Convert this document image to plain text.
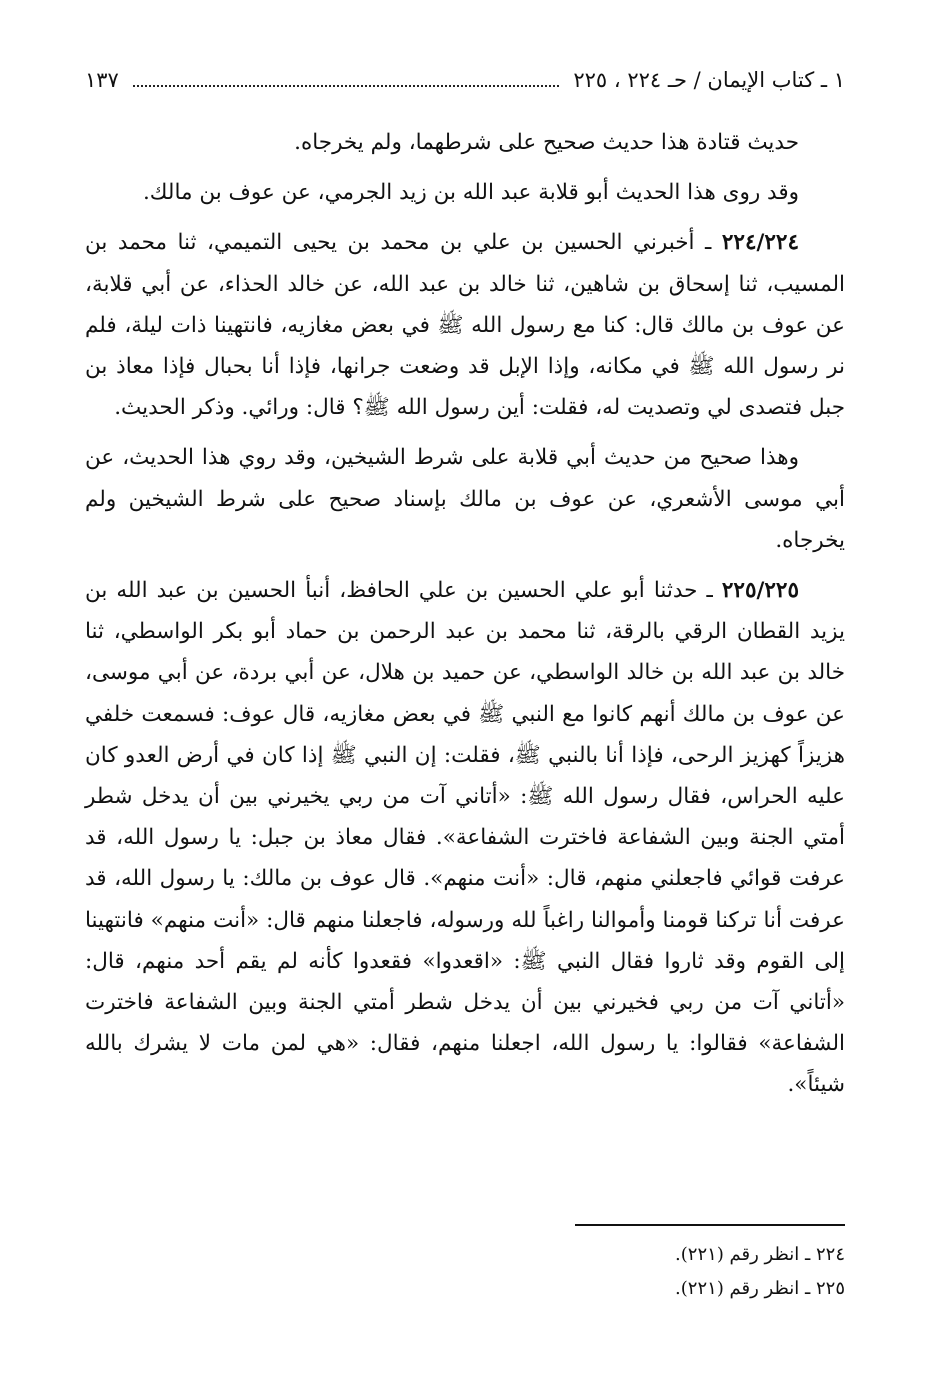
١ ـ كتاب الإيمان / حـ ٢٢٤ ، ٢٢٥
١٣٧

حديث قتادة هذا حديث صحيح على شرطهما، ولم يخرجاه.

وقد روى هذا الحديث أبو قلابة عبد الله بن زيد الجرمي، عن عوف بن مالك.

٢٢٤/٢٢٤ ـ أخبرني الحسين بن علي بن محمد بن يحيى التميمي، ثنا محمد بن المسيب، ثنا إسحاق بن شاهين، ثنا خالد بن عبد الله، عن خالد الحذاء، عن أبي قلابة، عن عوف بن مالك قال: كنا مع رسول الله ﷺ في بعض مغازيه، فانتهينا ذات ليلة، فلم نر رسول الله ﷺ في مكانه، وإذا الإبل قد وضعت جرانها، فإذا أنا بحبال فإذا معاذ بن جبل فتصدى لي وتصديت له، فقلت: أين رسول الله ﷺ؟ قال: ورائي. وذكر الحديث.

وهذا صحيح من حديث أبي قلابة على شرط الشيخين، وقد روي هذا الحديث، عن أبي موسى الأشعري، عن عوف بن مالك بإسناد صحيح على شرط الشيخين ولم يخرجاه.

٢٢٥/٢٢٥ ـ حدثنا أبو علي الحسين بن علي الحافظ، أنبأ الحسين بن عبد الله بن يزيد القطان الرقي بالرقة، ثنا محمد بن عبد الرحمن بن حماد أبو بكر الواسطي، ثنا خالد بن عبد الله بن خالد الواسطي، عن حميد بن هلال، عن أبي بردة، عن أبي موسى، عن عوف بن مالك أنهم كانوا مع النبي ﷺ في بعض مغازيه، قال عوف: فسمعت خلفي هزيزاً كهزيز الرحى، فإذا أنا بالنبي ﷺ، فقلت: إن النبي ﷺ إذا كان في أرض العدو كان عليه الحراس، فقال رسول الله ﷺ: «أتاني آت من ربي يخيرني بين أن يدخل شطر أمتي الجنة وبين الشفاعة فاخترت الشفاعة». فقال معاذ بن جبل: يا رسول الله، قد عرفت قوائي فاجعلني منهم، قال: «أنت منهم». قال عوف بن مالك: يا رسول الله، قد عرفت أنا تركنا قومنا وأموالنا راغباً لله ورسوله، فاجعلنا منهم قال: «أنت منهم» فانتهينا إلى القوم وقد ثاروا فقال النبي ﷺ: «اقعدوا» فقعدوا كأنه لم يقم أحد منهم، قال: «أتاني آت من ربي فخيرني بين أن يدخل شطر أمتي الجنة وبين الشفاعة فاخترت الشفاعة» فقالوا: يا رسول الله، اجعلنا منهم، فقال: «هي لمن مات لا يشرك بالله شيئاً».

٢٢٤ ـ انظر رقم (٢٢١).
٢٢٥ ـ انظر رقم (٢٢١).
